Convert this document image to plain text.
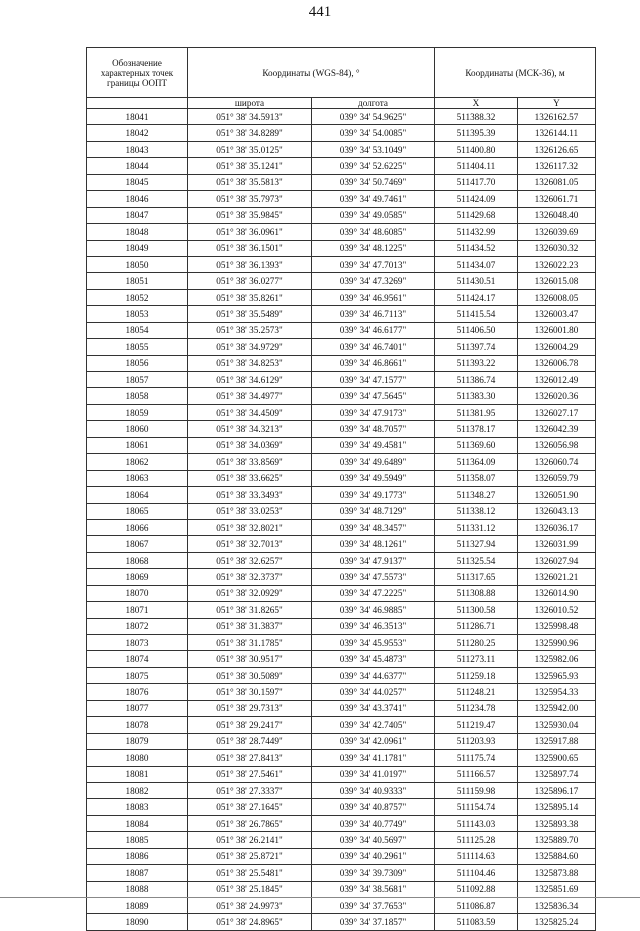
441
Обозначение характерных точек границы ООПТ	Координаты (WGS-84), °		Координаты (МСК-36), м	
	широта	долгота	X	Y
18041	051° 38' 34.5913"	039° 34' 54.9625"	511388.32	1326162.57
18042	051° 38' 34.8289"	039° 34' 54.0085"	511395.39	1326144.11
18043	051° 38' 35.0125"	039° 34' 53.1049"	511400.80	1326126.65
18044	051° 38' 35.1241"	039° 34' 52.6225"	511404.11	1326117.32
18045	051° 38' 35.5813"	039° 34' 50.7469"	511417.70	1326081.05
18046	051° 38' 35.7973"	039° 34' 49.7461"	511424.09	1326061.71
18047	051° 38' 35.9845"	039° 34' 49.0585"	511429.68	1326048.40
18048	051° 38' 36.0961"	039° 34' 48.6085"	511432.99	1326039.69
18049	051° 38' 36.1501"	039° 34' 48.1225"	511434.52	1326030.32
18050	051° 38' 36.1393"	039° 34' 47.7013"	511434.07	1326022.23
18051	051° 38' 36.0277"	039° 34' 47.3269"	511430.51	1326015.08
18052	051° 38' 35.8261"	039° 34' 46.9561"	511424.17	1326008.05
18053	051° 38' 35.5489"	039° 34' 46.7113"	511415.54	1326003.47
18054	051° 38' 35.2573"	039° 34' 46.6177"	511406.50	1326001.80
18055	051° 38' 34.9729"	039° 34' 46.7401"	511397.74	1326004.29
18056	051° 38' 34.8253"	039° 34' 46.8661"	511393.22	1326006.78
18057	051° 38' 34.6129"	039° 34' 47.1577"	511386.74	1326012.49
18058	051° 38' 34.4977"	039° 34' 47.5645"	511383.30	1326020.36
18059	051° 38' 34.4509"	039° 34' 47.9173"	511381.95	1326027.17
18060	051° 38' 34.3213"	039° 34' 48.7057"	511378.17	1326042.39
18061	051° 38' 34.0369"	039° 34' 49.4581"	511369.60	1326056.98
18062	051° 38' 33.8569"	039° 34' 49.6489"	511364.09	1326060.74
18063	051° 38' 33.6625"	039° 34' 49.5949"	511358.07	1326059.79
18064	051° 38' 33.3493"	039° 34' 49.1773"	511348.27	1326051.90
18065	051° 38' 33.0253"	039° 34' 48.7129"	511338.12	1326043.13
18066	051° 38' 32.8021"	039° 34' 48.3457"	511331.12	1326036.17
18067	051° 38' 32.7013"	039° 34' 48.1261"	511327.94	1326031.99
18068	051° 38' 32.6257"	039° 34' 47.9137"	511325.54	1326027.94
18069	051° 38' 32.3737"	039° 34' 47.5573"	511317.65	1326021.21
18070	051° 38' 32.0929"	039° 34' 47.2225"	511308.88	1326014.90
18071	051° 38' 31.8265"	039° 34' 46.9885"	511300.58	1326010.52
18072	051° 38' 31.3837"	039° 34' 46.3513"	511286.71	1325998.48
18073	051° 38' 31.1785"	039° 34' 45.9553"	511280.25	1325990.96
18074	051° 38' 30.9517"	039° 34' 45.4873"	511273.11	1325982.06
18075	051° 38' 30.5089"	039° 34' 44.6377"	511259.18	1325965.93
18076	051° 38' 30.1597"	039° 34' 44.0257"	511248.21	1325954.33
18077	051° 38' 29.7313"	039° 34' 43.3741"	511234.78	1325942.00
18078	051° 38' 29.2417"	039° 34' 42.7405"	511219.47	1325930.04
18079	051° 38' 28.7449"	039° 34' 42.0961"	511203.93	1325917.88
18080	051° 38' 27.8413"	039° 34' 41.1781"	511175.74	1325900.65
18081	051° 38' 27.5461"	039° 34' 41.0197"	511166.57	1325897.74
18082	051° 38' 27.3337"	039° 34' 40.9333"	511159.98	1325896.17
18083	051° 38' 27.1645"	039° 34' 40.8757"	511154.74	1325895.14
18084	051° 38' 26.7865"	039° 34' 40.7749"	511143.03	1325893.38
18085	051° 38' 26.2141"	039° 34' 40.5697"	511125.28	1325889.70
18086	051° 38' 25.8721"	039° 34' 40.2961"	511114.63	1325884.60
18087	051° 38' 25.5481"	039° 34' 39.7309"	511104.46	1325873.88
18088	051° 38' 25.1845"	039° 34' 38.5681"	511092.88	1325851.69
18089	051° 38' 24.9973"	039° 34' 37.7653"	511086.87	1325836.34
18090	051° 38' 24.8965"	039° 34' 37.1857"	511083.59	1325825.24
